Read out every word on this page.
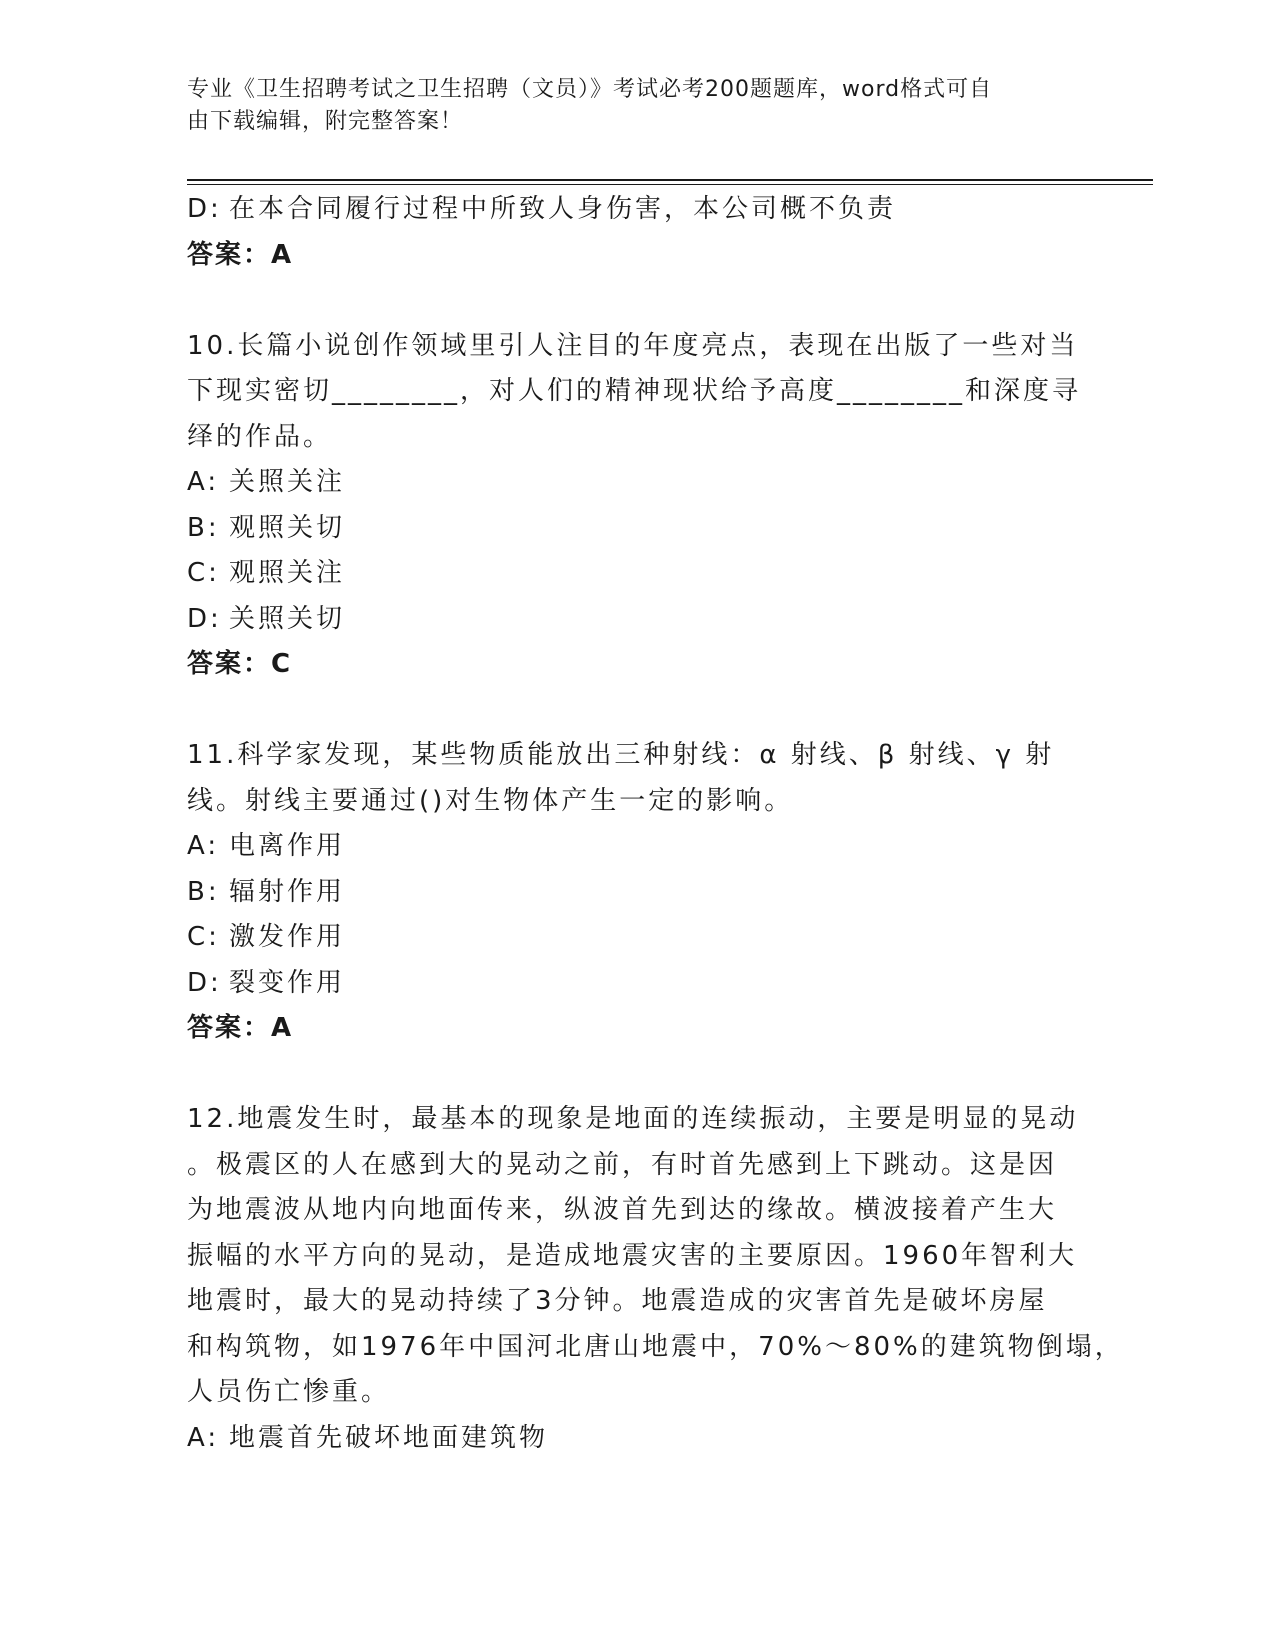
专业《卫生招聘考试之卫生招聘（文员）》考试必考200题题库，word格式可自
由下载编辑，附完整答案！
D: 在本合同履行过程中所致人身伤害，本公司概不负责
答案：A
10.长篇小说创作领域里引人注目的年度亮点，表现在出版了一些对当
下现实密切________，对人们的精神现状给予高度________和深度寻
绎的作品。
A: 关照关注
B: 观照关切
C: 观照关注
D: 关照关切
答案：C
11.科学家发现，某些物质能放出三种射线：α 射线、β 射线、γ 射
线。射线主要通过()对生物体产生一定的影响。
A: 电离作用
B: 辐射作用
C: 激发作用
D: 裂变作用
答案：A
12.地震发生时，最基本的现象是地面的连续振动，主要是明显的晃动
。极震区的人在感到大的晃动之前，有时首先感到上下跳动。这是因
为地震波从地内向地面传来，纵波首先到达的缘故。横波接着产生大
振幅的水平方向的晃动，是造成地震灾害的主要原因。1960年智利大
地震时，最大的晃动持续了3分钟。地震造成的灾害首先是破坏房屋
和构筑物，如1976年中国河北唐山地震中，70%～80%的建筑物倒塌，
人员伤亡惨重。
A: 地震首先破坏地面建筑物
